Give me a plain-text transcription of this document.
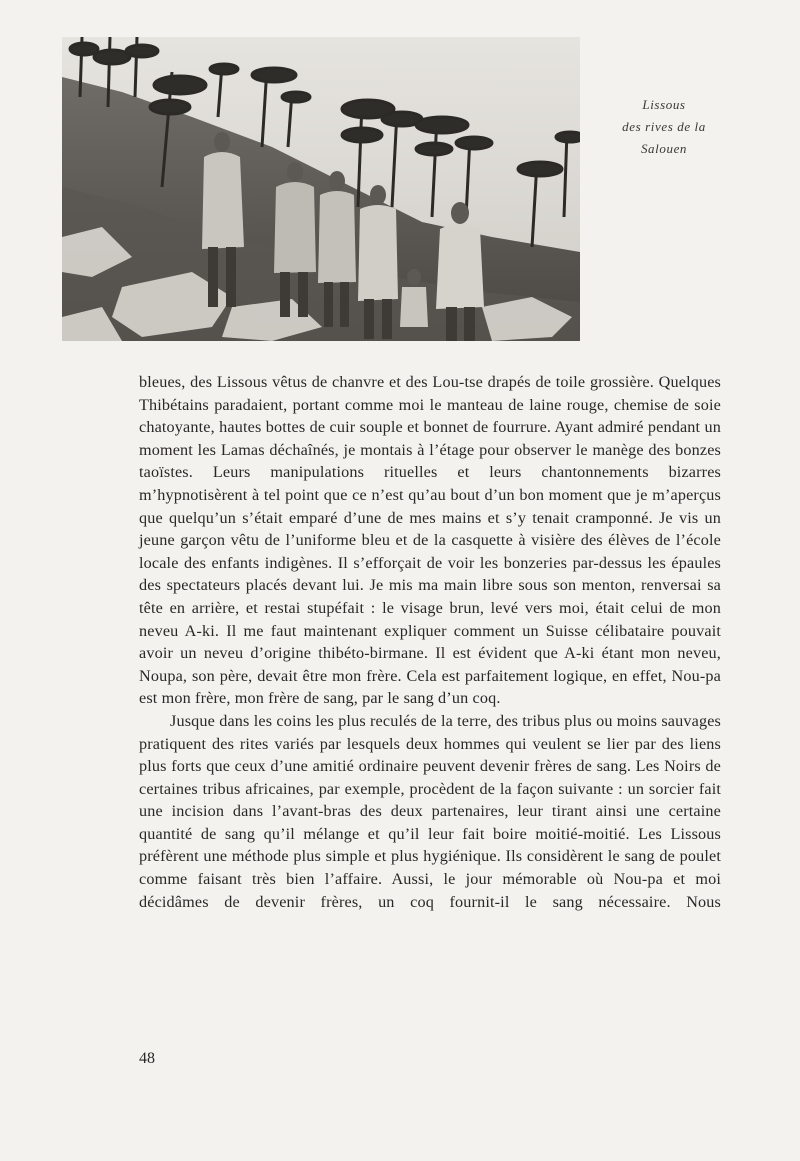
Lissous
des rives de la
Salouen

bleues, des Lissous vêtus de chanvre et des Lou-tse drapés de toile grossière. Quelques Thibétains paradaient, portant comme moi le manteau de laine rouge, chemise de soie chatoyante, hautes bottes de cuir souple et bonnet de fourrure. Ayant admiré pendant un moment les Lamas déchaînés, je montais à l’étage pour observer le manège des bonzes taoïstes. Leurs manipulations rituelles et leurs chantonnements bizarres m’hypnotisèrent à tel point que ce n’est qu’au bout d’un bon moment que je m’aperçus que quelqu’un s’était emparé d’une de mes mains et s’y tenait cramponné. Je vis un jeune garçon vêtu de l’uniforme bleu et de la casquette à visière des élèves de l’école locale des enfants indigènes. Il s’efforçait de voir les bonzeries par-dessus les épaules des spectateurs placés devant lui. Je mis ma main libre sous son menton, renversai sa tête en arrière, et restai stupéfait : le visage brun, levé vers moi, était celui de mon neveu A-ki. Il me faut maintenant expliquer comment un Suisse célibataire pouvait avoir un neveu d’origine thibéto-birmane. Il est évident que A-ki étant mon neveu, Noupa, son père, devait être mon frère. Cela est parfaitement logique, en effet, Nou-pa est mon frère, mon frère de sang, par le sang d’un coq.

Jusque dans les coins les plus reculés de la terre, des tribus plus ou moins sauvages pratiquent des rites variés par lesquels deux hommes qui veulent se lier par des liens plus forts que ceux d’une amitié ordinaire peuvent devenir frères de sang. Les Noirs de certaines tribus africaines, par exemple, procèdent de la façon suivante : un sorcier fait une incision dans l’avant-bras des deux partenaires, leur tirant ainsi une certaine quantité de sang qu’il mélange et qu’il leur fait boire moitié-moitié. Les Lissous préfèrent une méthode plus simple et plus hygiénique. Ils considèrent le sang de poulet comme faisant très bien l’affaire. Aussi, le jour mémorable où Nou-pa et moi décidâmes de devenir frères, un coq fournit-il le sang nécessaire. Nous

48
